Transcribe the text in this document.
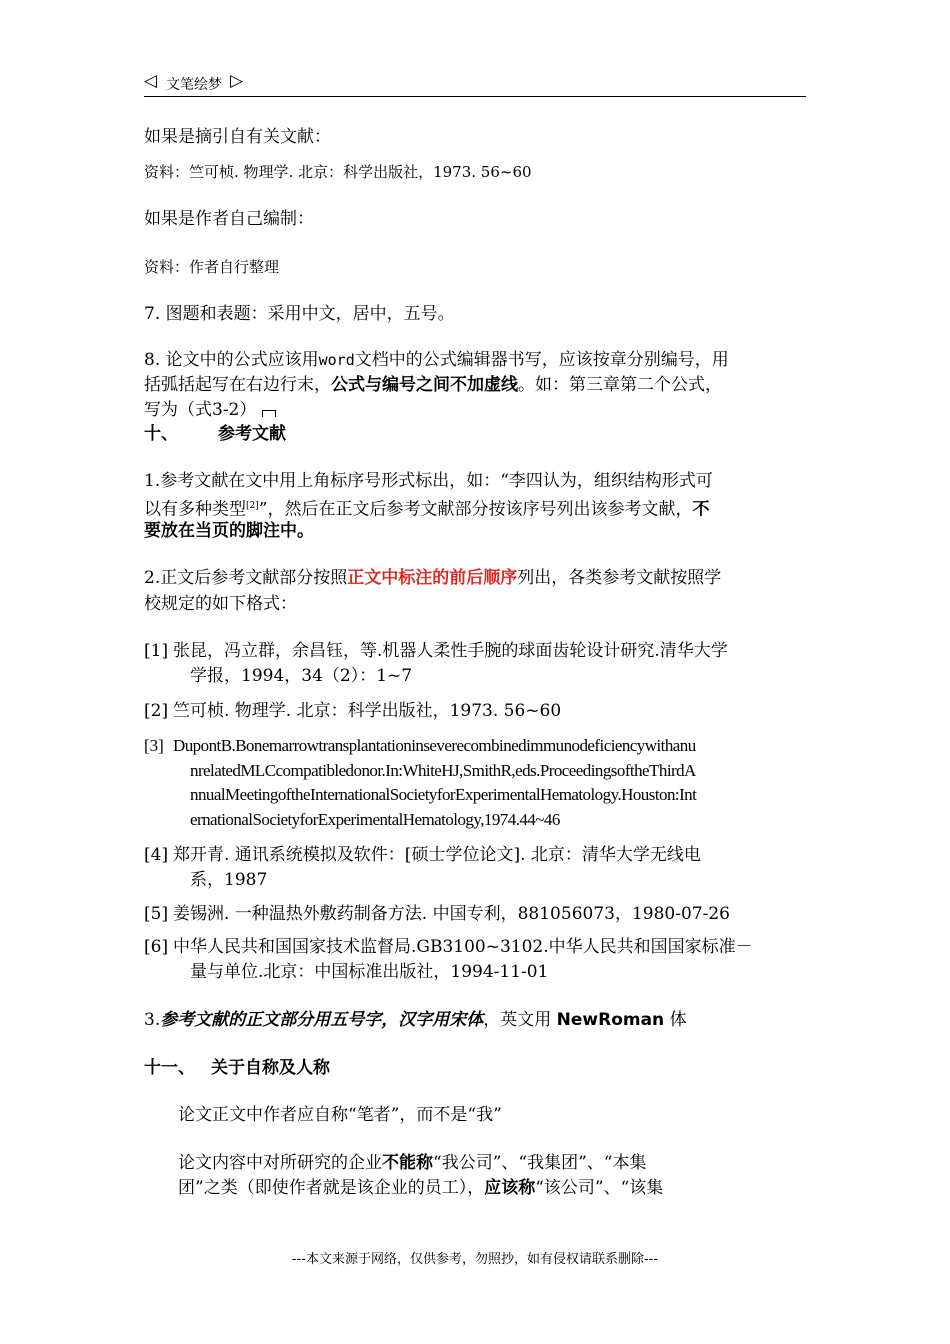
◁ 文笔绘梦 ▷
如果是摘引自有关文献：
资料：竺可桢. 物理学. 北京：科学出版社，1973. 56~60
如果是作者自己编制：
资料：作者自行整理
7. 图题和表题：采用中文，居中，五号。
8. 论文中的公式应该用word文档中的公式编辑器书写，应该按章分别编号，用
括弧括起写在右边行末，公式与编号之间不加虚线。如：第三章第二个公式，
写为（式3-2）
十、 参考文献
1.参考文献在文中用上角标序号形式标出，如：“李四认为，组织结构形式可
以有多种类型[2]”，然后在正文后参考文献部分按该序号列出该参考文献，不
要放在当页的脚注中。
2.正文后参考文献部分按照正文中标注的前后顺序列出，各类参考文献按照学
校规定的如下格式：
[1] 张昆，冯立群，余昌钰，等.机器人柔性手腕的球面齿轮设计研究.清华大学
学报，1994，34（2）：1~7
[2] 竺可桢. 物理学. 北京：科学出版社，1973. 56~60
[3] DupontB.Bonemarrowtransplantationinseverecombinedimmunodeficiencywithanu
nrelatedMLCcompatibledonor.In:WhiteHJ,SmithR,eds.ProceedingsoftheThirdA
nnualMeetingoftheInternationalSocietyforExperimentalHematology.Houston:Int
ernationalSocietyforExperimentalHematology,1974.44~46
[4] 郑开青. 通讯系统模拟及软件：[硕士学位论文]. 北京：清华大学无线电
系，1987
[5] 姜锡洲. 一种温热外敷药制备方法. 中国专利，881056073，1980-07-26
[6] 中华人民共和国国家技术监督局.GB3100~3102.中华人民共和国国家标准－
量与单位.北京：中国标准出版社，1994-11-01
3.参考文献的正文部分用五号字，汉字用宋体，英文用 NewRoman 体
十一、 关于自称及人称
论文正文中作者应自称“笔者”，而不是“我”
论文内容中对所研究的企业不能称“我公司”、“我集团”、“本集
团”之类（即使作者就是该企业的员工），应该称“该公司”、“该集
---本文来源于网络，仅供参考，勿照抄，如有侵权请联系删除---
